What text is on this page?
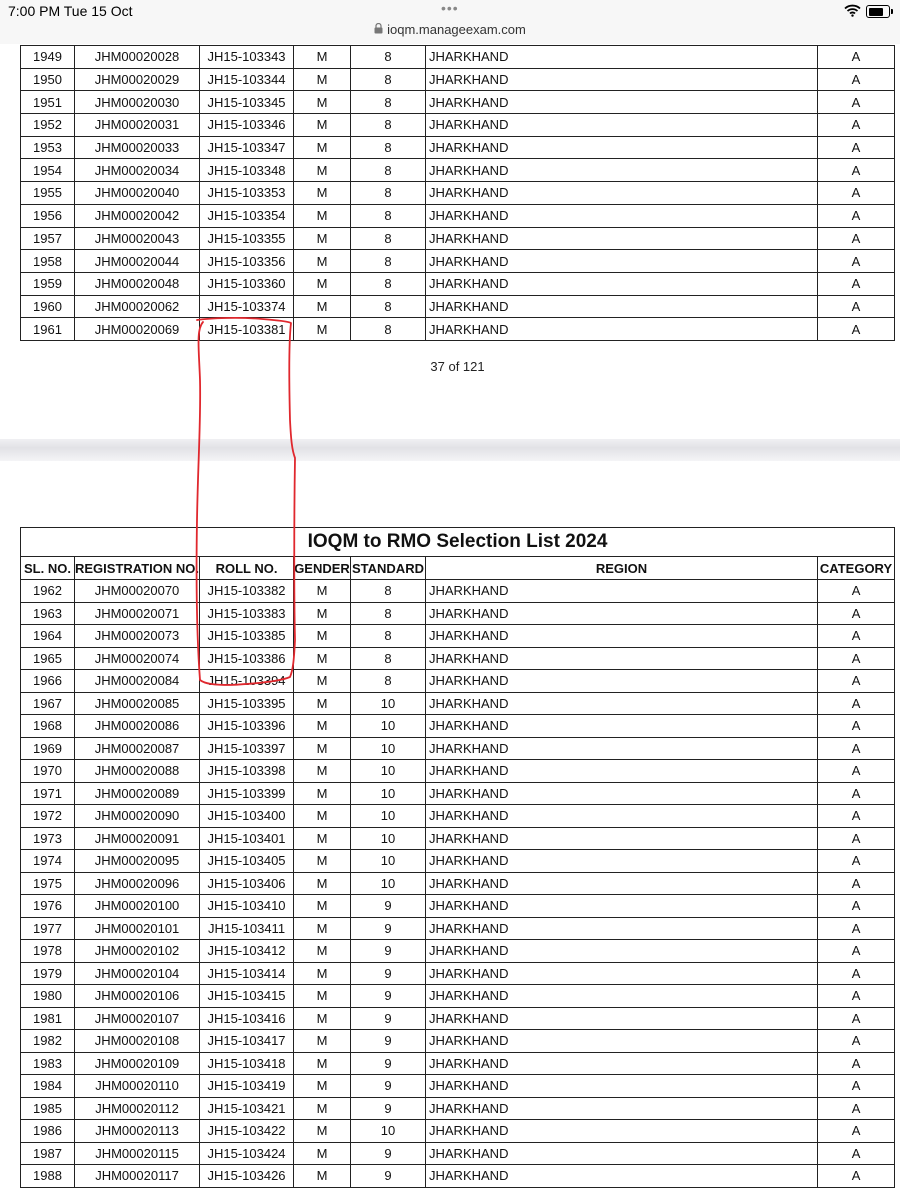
7:00 PM Tue 15 Oct	•••
ioqm.manageexam.com
1949	JHM00020028	JH15-103343	M	8	JHARKHAND	A
1950	JHM00020029	JH15-103344	M	8	JHARKHAND	A
1951	JHM00020030	JH15-103345	M	8	JHARKHAND	A
1952	JHM00020031	JH15-103346	M	8	JHARKHAND	A
1953	JHM00020033	JH15-103347	M	8	JHARKHAND	A
1954	JHM00020034	JH15-103348	M	8	JHARKHAND	A
1955	JHM00020040	JH15-103353	M	8	JHARKHAND	A
1956	JHM00020042	JH15-103354	M	8	JHARKHAND	A
1957	JHM00020043	JH15-103355	M	8	JHARKHAND	A
1958	JHM00020044	JH15-103356	M	8	JHARKHAND	A
1959	JHM00020048	JH15-103360	M	8	JHARKHAND	A
1960	JHM00020062	JH15-103374	M	8	JHARKHAND	A
1961	JHM00020069	JH15-103381	M	8	JHARKHAND	A
37 of 121
IOQM to RMO Selection List 2024						
SL. NO.	REGISTRATION NO.	ROLL NO.	GENDER	STANDARD	REGION	CATEGORY
1962	JHM00020070	JH15-103382	M	8	JHARKHAND	A
1963	JHM00020071	JH15-103383	M	8	JHARKHAND	A
1964	JHM00020073	JH15-103385	M	8	JHARKHAND	A
1965	JHM00020074	JH15-103386	M	8	JHARKHAND	A
1966	JHM00020084	JH15-103394	M	8	JHARKHAND	A
1967	JHM00020085	JH15-103395	M	10	JHARKHAND	A
1968	JHM00020086	JH15-103396	M	10	JHARKHAND	A
1969	JHM00020087	JH15-103397	M	10	JHARKHAND	A
1970	JHM00020088	JH15-103398	M	10	JHARKHAND	A
1971	JHM00020089	JH15-103399	M	10	JHARKHAND	A
1972	JHM00020090	JH15-103400	M	10	JHARKHAND	A
1973	JHM00020091	JH15-103401	M	10	JHARKHAND	A
1974	JHM00020095	JH15-103405	M	10	JHARKHAND	A
1975	JHM00020096	JH15-103406	M	10	JHARKHAND	A
1976	JHM00020100	JH15-103410	M	9	JHARKHAND	A
1977	JHM00020101	JH15-103411	M	9	JHARKHAND	A
1978	JHM00020102	JH15-103412	M	9	JHARKHAND	A
1979	JHM00020104	JH15-103414	M	9	JHARKHAND	A
1980	JHM00020106	JH15-103415	M	9	JHARKHAND	A
1981	JHM00020107	JH15-103416	M	9	JHARKHAND	A
1982	JHM00020108	JH15-103417	M	9	JHARKHAND	A
1983	JHM00020109	JH15-103418	M	9	JHARKHAND	A
1984	JHM00020110	JH15-103419	M	9	JHARKHAND	A
1985	JHM00020112	JH15-103421	M	9	JHARKHAND	A
1986	JHM00020113	JH15-103422	M	10	JHARKHAND	A
1987	JHM00020115	JH15-103424	M	9	JHARKHAND	A
1988	JHM00020117	JH15-103426	M	9	JHARKHAND	A
